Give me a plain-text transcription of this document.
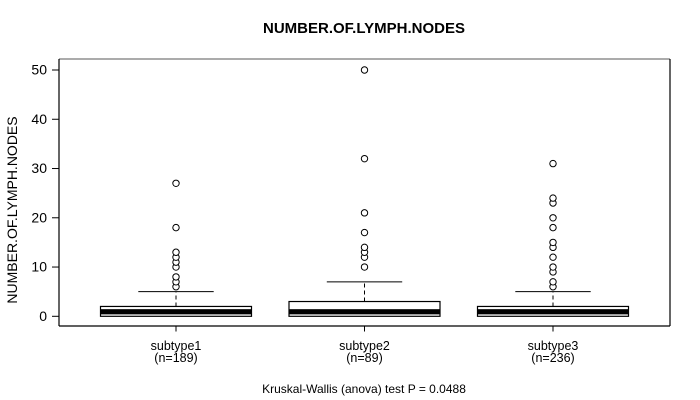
NUMBER.OF.LYMPH.NODES
NUMBER.OF.LYMPH.NODES
0
10
20
30
40
50
subtype1
(n=189)
subtype2
(n=89)
subtype3
(n=236)
Kruskal-Wallis (anova) test P = 0.0488
